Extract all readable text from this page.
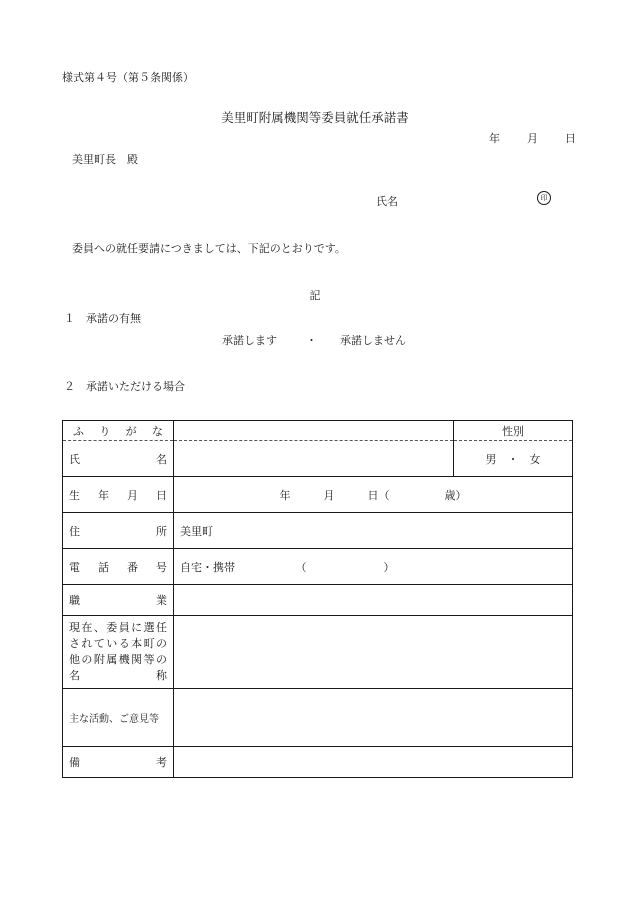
様式第４号（第５条関係）
美里町附属機関等委員就任承諾書
年 月 日
美里町長　殿
氏名	印
委員への就任要請につきましては、下記のとおりです。
記
１　承諾の有無
承諾します	・ 承諾しません
２　承諾いただける場合
ふりがな		性別
氏名		男　・　女
生年月日	年　　　月　　　日（　　　　　歳）	
住所	美里町	
電話番号	自宅・携帯　　　　　　（　　　　　　　）	
職業		
現在、委員に選任されている本町の他の附属機関等の名称		
主な活動、ご意見等		
備考		
